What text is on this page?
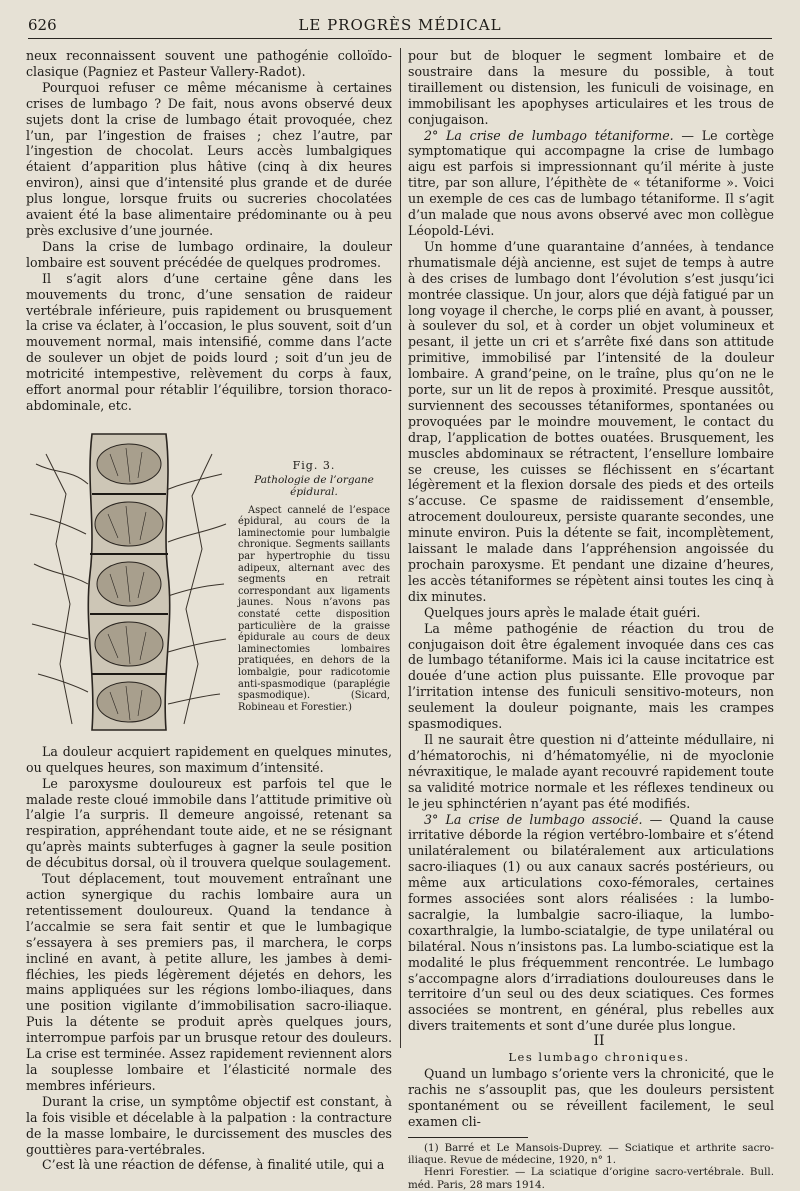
626	LE PROGRÈS MÉDICAL

neux reconnaissent souvent une pathogénie colloïdo-clasique (Pagniez et Pasteur Vallery-Radot).

Pourquoi refuser ce même mécanisme à certaines crises de lumbago ? De fait, nous avons observé deux sujets dont la crise de lumbago était provoquée, chez l’un, par l’ingestion de fraises ; chez l’autre, par l’ingestion de chocolat. Leurs accès lumbalgiques étaient d’apparition plus hâtive (cinq à dix heures environ), ainsi que d’intensité plus grande et de durée plus longue, lorsque fruits ou sucreries chocolatées avaient été la base alimentaire prédominante ou à peu près exclusive d’une journée.

Dans la crise de lumbago ordinaire, la douleur lombaire est souvent précédée de quelques prodromes.

Il s’agit alors d’une certaine gêne dans les mouvements du tronc, d’une sensation de raideur vertébrale inférieure, puis rapidement ou brusquement la crise va éclater, à l’occasion, le plus souvent, soit d’un mouvement normal, mais intensifié, comme dans l’acte de soulever un objet de poids lourd ; soit d’un jeu de motricité intempestive, relèvement du corps à faux, effort anormal pour rétablir l’équilibre, torsion thoraco-abdominale, etc.

Fig. 3.

Pathologie de l’organe épidural.

Aspect cannelé de l’espace épidural, au cours de la laminectomie pour lumbalgie chronique. Segments saillants par hypertrophie du tissu adipeux, alternant avec des segments en retrait correspondant aux ligaments jaunes. Nous n’avons pas constaté cette disposition particulière de la graisse épidurale au cours de deux laminectomies lombaires pratiquées, en dehors de la lombalgie, pour radicotomie anti-spasmodique (paraplégie spasmodique). (Sicard, Robineau et Forestier.)

La douleur acquiert rapidement en quelques minutes, ou quelques heures, son maximum d’intensité.

Le paroxysme douloureux est parfois tel que le malade reste cloué immobile dans l’attitude primitive où l’algie l’a surpris. Il demeure angoissé, retenant sa respiration, appréhendant toute aide, et ne se résignant qu’après maints subterfuges à gagner la seule position de décubitus dorsal, où il trouvera quelque soulagement.

Tout déplacement, tout mouvement entraînant une action synergique du rachis lombaire aura un retentissement douloureux. Quand la tendance à l’accalmie se sera fait sentir et que le lumbagique s’essayera à ses premiers pas, il marchera, le corps incliné en avant, à petite allure, les jambes à demi-fléchies, les pieds légèrement déjetés en dehors, les mains appliquées sur les régions lombo-iliaques, dans une position vigilante d’immobilisation sacro-iliaque. Puis la détente se produit après quelques jours, interrompue parfois par un brusque retour des douleurs. La crise est terminée. Assez rapidement reviennent alors la souplesse lombaire et l’élasticité normale des membres inférieurs.

Durant la crise, un symptôme objectif est constant, à la fois visible et décelable à la palpation : la contracture de la masse lombaire, le durcissement des muscles des gouttières para-vertébrales.

C’est là une réaction de défense, à finalité utile, qui a

pour but de bloquer le segment lombaire et de soustraire dans la mesure du possible, à tout tiraillement ou distension, les funiculi de voisinage, en immobilisant les apophyses articulaires et les trous de conjugaison.

2° La crise de lumbago tétaniforme. — Le cortège symptomatique qui accompagne la crise de lumbago aigu est parfois si impressionnant qu’il mérite à juste titre, par son allure, l’épithète de « tétaniforme ». Voici un exemple de ces cas de lumbago tétaniforme. Il s’agit d’un malade que nous avons observé avec mon collègue Léopold-Lévi.

Un homme d’une quarantaine d’années, à tendance rhumatismale déjà ancienne, est sujet de temps à autre à des crises de lumbago dont l’évolution s’est jusqu’ici montrée classique. Un jour, alors que déjà fatigué par un long voyage il cherche, le corps plié en avant, à pousser, à soulever du sol, et à corder un objet volumineux et pesant, il jette un cri et s’arrête fixé dans son attitude primitive, immobilisé par l’intensité de la douleur lombaire. A grand’peine, on le traîne, plus qu’on ne le porte, sur un lit de repos à proximité. Presque aussitôt, surviennent des secousses tétaniformes, spontanées ou provoquées par le moindre mouvement, le contact du drap, l’application de bottes ouatées. Brusquement, les muscles abdominaux se rétractent, l’ensellure lombaire se creuse, les cuisses se fléchissent en s’écartant légèrement et la flexion dorsale des pieds et des orteils s’accuse. Ce spasme de raidissement d’ensemble, atrocement douloureux, persiste quarante secondes, une minute environ. Puis la détente se fait, incomplètement, laissant le malade dans l’appréhension angoissée du prochain paroxysme. Et pendant une dizaine d’heures, les accès tétaniformes se répètent ainsi toutes les cinq à dix minutes.

Quelques jours après le malade était guéri.

La même pathogénie de réaction du trou de conjugaison doit être également invoquée dans ces cas de lumbago tétaniforme. Mais ici la cause incitatrice est douée d’une action plus puissante. Elle provoque par l’irritation intense des funiculi sensitivo-moteurs, non seulement la douleur poignante, mais les crampes spasmodiques.

Il ne saurait être question ni d’atteinte médullaire, ni d’hématorochis, ni d’hématomyélie, ni de myoclonie névraxitique, le malade ayant recouvré rapidement toute sa validité motrice normale et les réflexes tendineux ou le jeu sphinctérien n’ayant pas été modifiés.

3° La crise de lumbago associé. — Quand la cause irritative déborde la région vertébro-lombaire et s’étend unilatéralement ou bilatéralement aux articulations sacro-iliaques (1) ou aux canaux sacrés postérieurs, ou même aux articulations coxo-fémorales, certaines formes associées sont alors réalisées : la lumbo-sacralgie, la lumbalgie sacro-iliaque, la lumbo-coxarthralgie, la lumbo-sciatalgie, de type unilatéral ou bilatéral. Nous n’insistons pas. La lumbo-sciatique est la modalité le plus fréquemment rencontrée. Le lumbago s’accompagne alors d’irradiations douloureuses dans le territoire d’un seul ou des deux sciatiques. Ces formes associées se montrent, en général, plus rebelles aux divers traitements et sont d’une durée plus longue.

II

Les lumbago chroniques.

Quand un lumbago s’oriente vers la chronicité, que le rachis ne s’assouplit pas, que les douleurs persistent spontanément ou se réveillent facilement, le seul examen cli-

(1) Barré et Le Mansois-Duprey. — Sciatique et arthrite sacro-iliaque. Revue de médecine, 1920, n° 1.

Henri Forestier. — La sciatique d’origine sacro-vertébrale. Bull. méd. Paris, 28 mars 1914.
